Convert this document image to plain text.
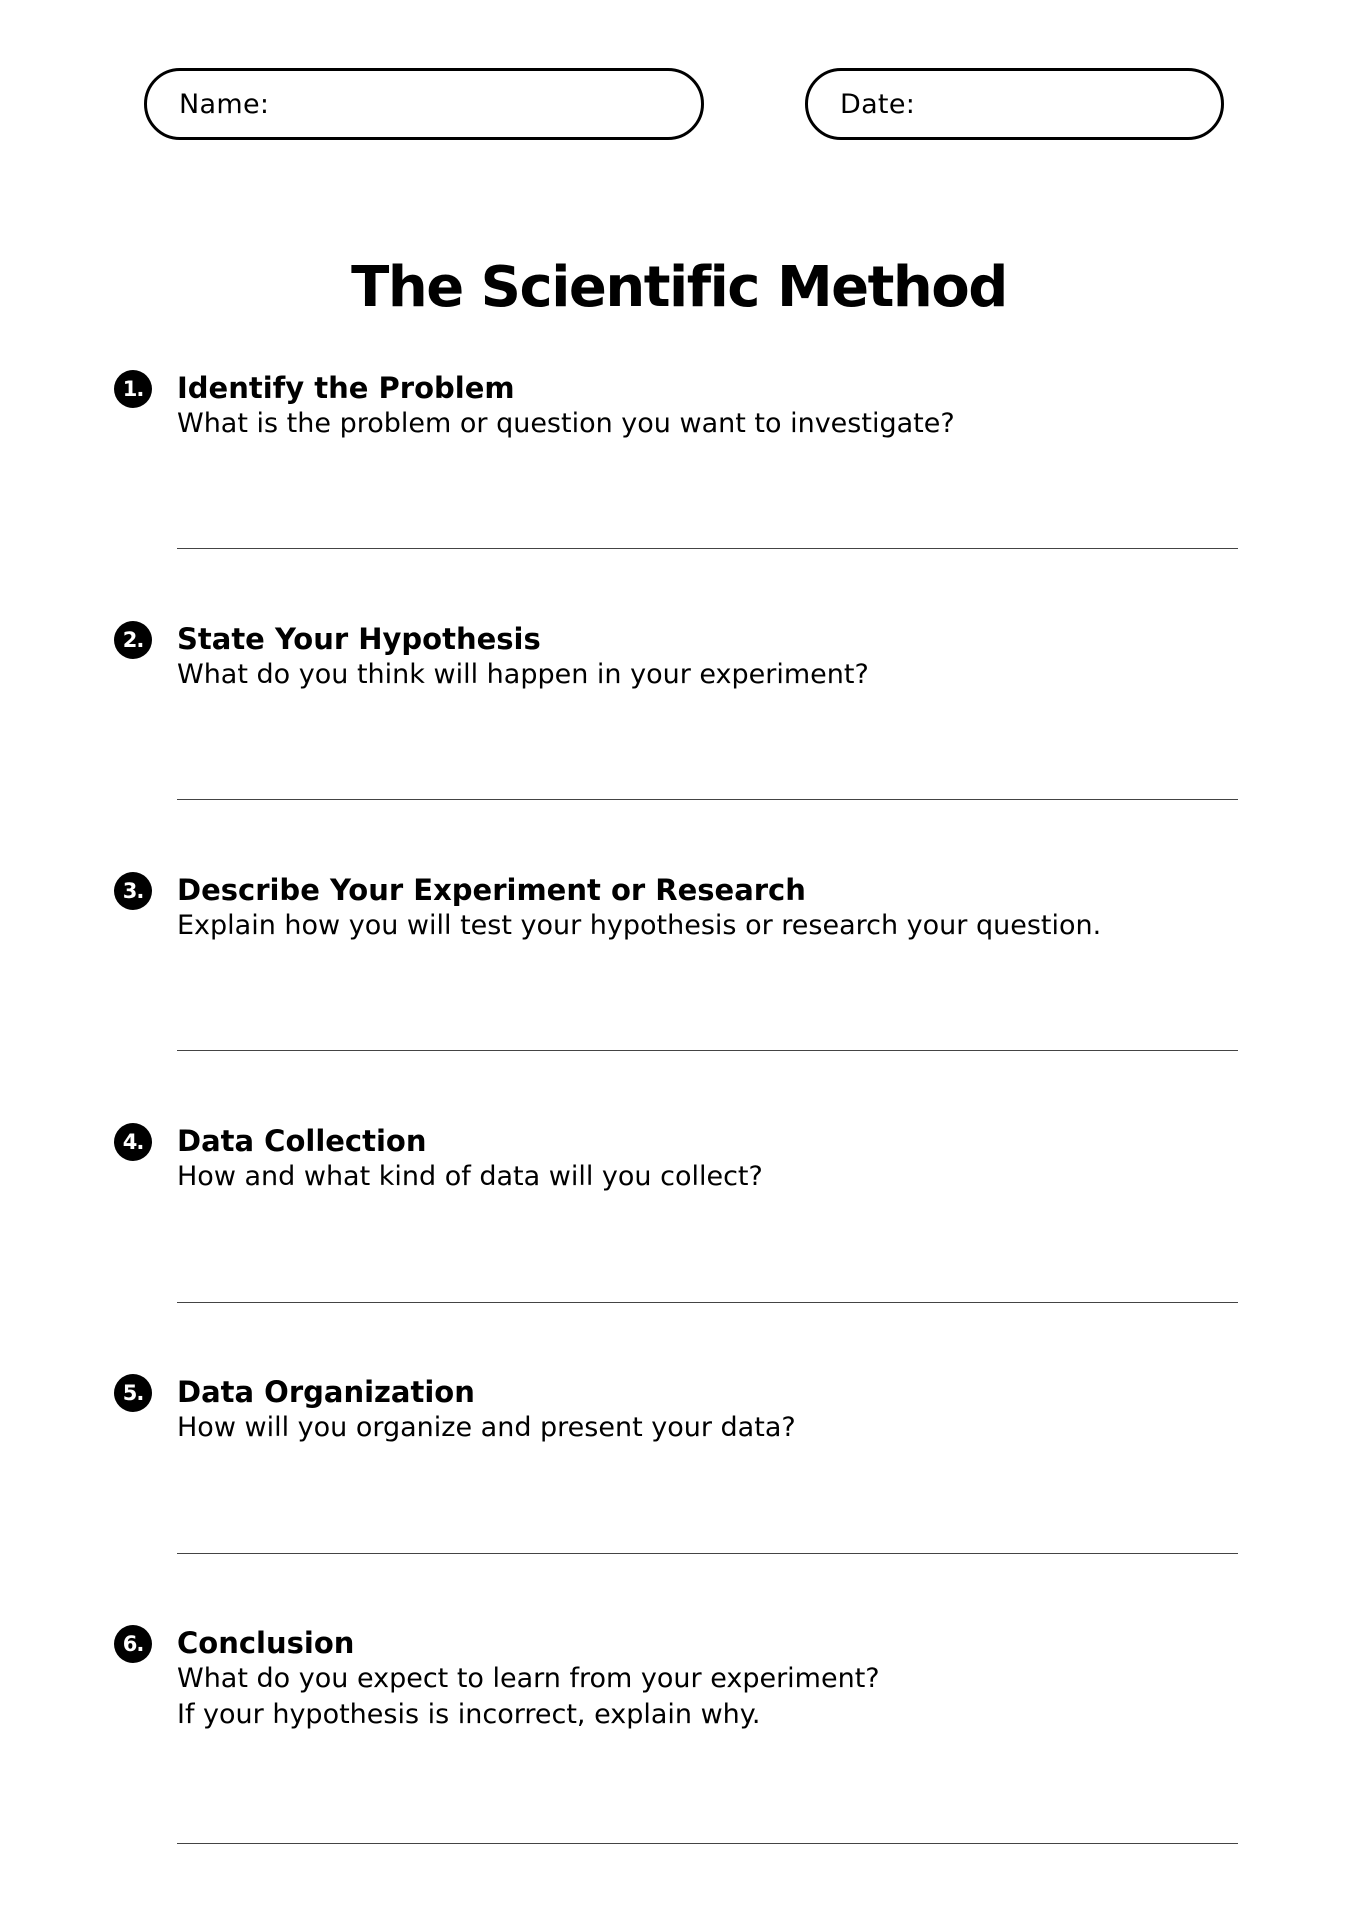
Name:	Date:
The Scientific Method
1.	Identify the Problem
What is the problem or question you want to investigate?
2.	State Your Hypothesis
What do you think will happen in your experiment?
3.	Describe Your Experiment or Research
Explain how you will test your hypothesis or research your question.
4.	Data Collection
How and what kind of data will you collect?
5.	Data Organization
How will you organize and present your data?
6.	Conclusion
What do you expect to learn from your experiment?
If your hypothesis is incorrect, explain why.
